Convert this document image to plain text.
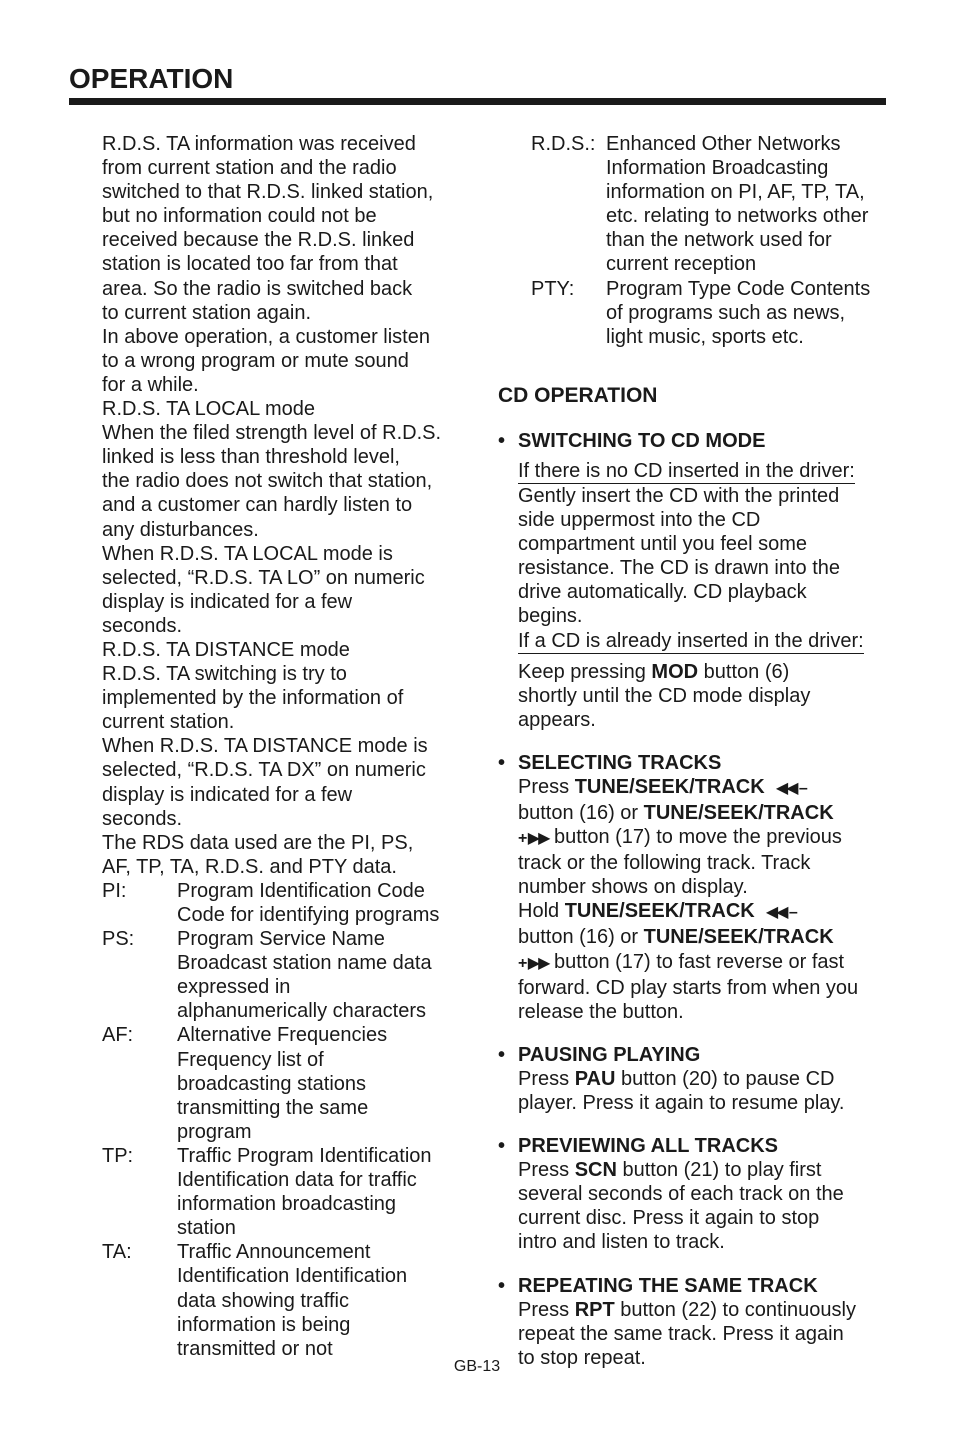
OPERATION
R.D.S. TA information was received
from current station and the radio
switched to that R.D.S. linked station,
but no information could not be
received because the R.D.S. linked
station is located too far from that
area. So the radio is switched back
to current station again.
In above operation, a customer listen
to a wrong program or mute sound
for a while.
R.D.S. TA LOCAL mode
When the filed strength level of R.D.S.
linked is less than threshold level,
the radio does not switch that station,
and a customer can hardly listen to
any disturbances.
When R.D.S. TA LOCAL mode is
selected, “R.D.S. TA LO” on numeric
display is indicated for a few
seconds.
R.D.S. TA DISTANCE mode
R.D.S. TA switching is try to
implemented by the information of
current station.
When R.D.S. TA DISTANCE mode is
selected, “R.D.S. TA DX” on numeric
display is indicated for a few
seconds.
The RDS data used are the PI, PS,
AF, TP, TA, R.D.S. and PTY data.
PI:	Program Identification Code
Code for identifying programs
PS:	Program Service Name
Broadcast station name data
expressed in
alphanumerically characters
AF:	Alternative Frequencies
Frequency list of
broadcasting stations
transmitting the same
program
TP:	Traffic Program Identification
Identification data for traffic
information broadcasting
station
TA:	Traffic Announcement
Identification Identification
data showing traffic
information is being
transmitted or not
R.D.S.: Enhanced Other Networks
Information Broadcasting
information on PI, AF, TP, TA,
etc. relating to networks other
than the network used for
current reception
PTY:	Program Type Code Contents
of programs such as news,
light music, sports etc.
CD OPERATION
• SWITCHING TO CD MODE
If there is no CD inserted in the driver:
Gently insert the CD with the printed
side uppermost into the CD
compartment until you feel some
resistance. The CD is drawn into the
drive automatically. CD playback
begins.
If a CD is already inserted in the driver:
Keep pressing MOD button (6)
shortly until the CD mode display
appears.
• SELECTING TRACKS
Press TUNE/SEEK/TRACK ◀◀ –
button (16) or TUNE/SEEK/TRACK
+ ▶▶ button (17) to move the previous
track or the following track. Track
number shows on display.
Hold TUNE/SEEK/TRACK ◀◀ –
button (16) or TUNE/SEEK/TRACK
+ ▶▶ button (17) to fast reverse or fast
forward. CD play starts from when you
release the button.
• PAUSING PLAYING
Press PAU button (20) to pause CD
player. Press it again to resume play.
• PREVIEWING ALL TRACKS
Press SCN button (21) to play first
several seconds of each track on the
current disc. Press it again to stop
intro and listen to track.
• REPEATING THE SAME TRACK
Press RPT button (22) to continuously
repeat the same track. Press it again
to stop repeat.
GB-13
